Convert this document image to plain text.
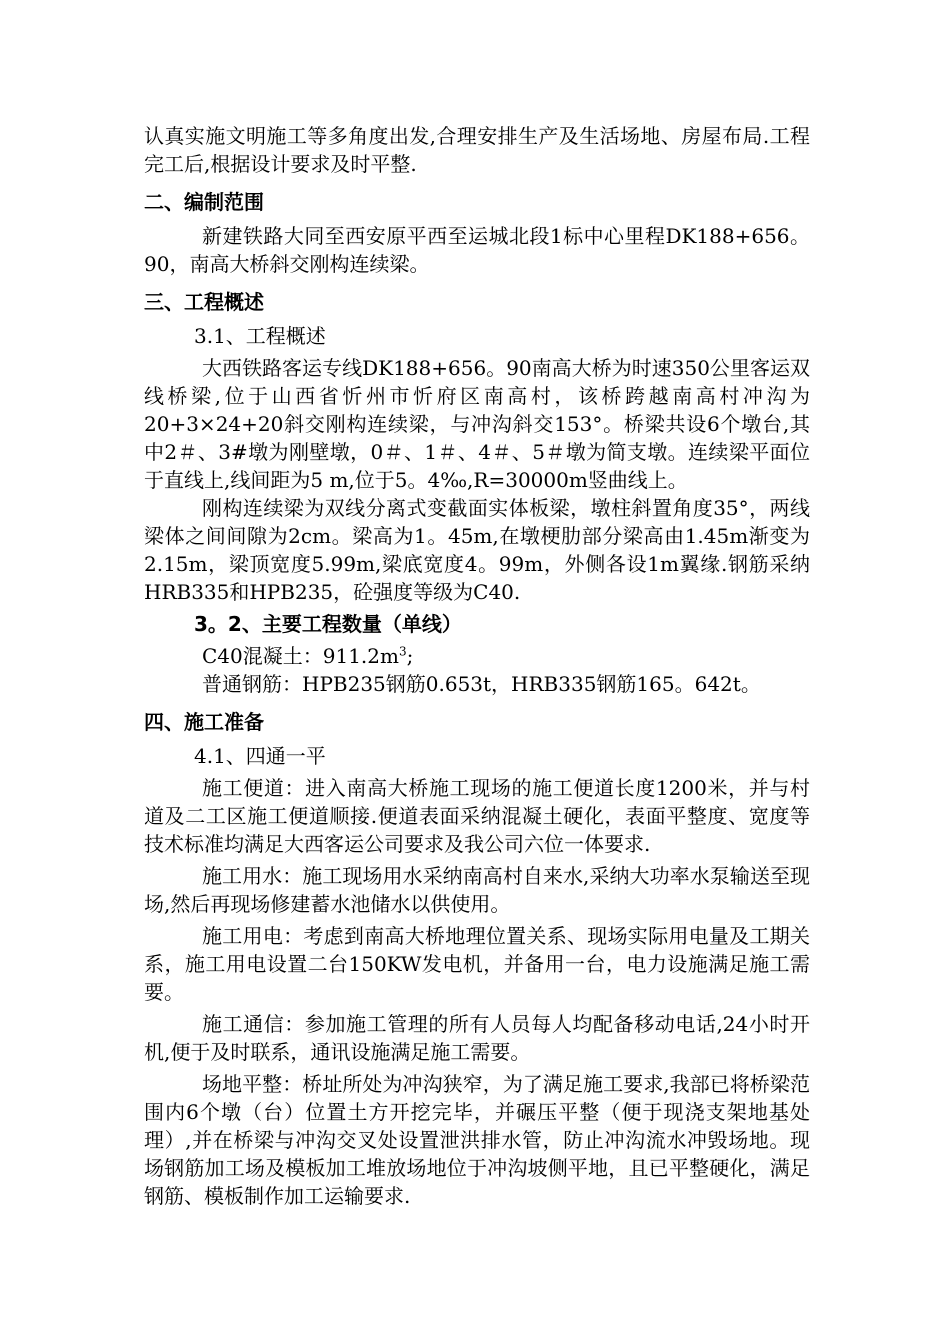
认真实施文明施工等多角度出发,合理安排生产及生活场地、房屋布局.工程完工后,根据设计要求及时平整.

二、编制范围

新建铁路大同至西安原平西至运城北段1标中心里程DK188+656。90，南高大桥斜交刚构连续梁。

三、工程概述
3.1、工程概述

大西铁路客运专线DK188+656。90南高大桥为时速350公里客运双线桥梁,位于山西省忻州市忻府区南高村，该桥跨越南高村冲沟为20+3×24+20斜交刚构连续梁，与冲沟斜交153°。桥梁共设6个墩台,其中2＃、3#墩为刚壁墩，0＃、1＃、4＃、5＃墩为简支墩。连续梁平面位于直线上,线间距为5 m,位于5。4‰,R=30000m竖曲线上。

刚构连续梁为双线分离式变截面实体板梁，墩柱斜置角度35°，两线梁体之间间隙为2cm。梁高为1。45m,在墩梗肋部分梁高由1.45m渐变为2.15m，梁顶宽度5.99m,梁底宽度4。99m，外侧各设1m翼缘.钢筋采纳HRB335和HPB235，砼强度等级为C40.

3。2、主要工程数量（单线）
C40混凝土：$911.2m^3$;
普通钢筋：HPB235钢筋0.653t，HRB335钢筋165。642t。
四、施工准备
4.1、四通一平

施工便道：进入南高大桥施工现场的施工便道长度1200米，并与村道及二工区施工便道顺接.便道表面采纳混凝土硬化，表面平整度、宽度等技术标准均满足大西客运公司要求及我公司六位一体要求.

施工用水：施工现场用水采纳南高村自来水,采纳大功率水泵输送至现场,然后再现场修建蓄水池储水以供使用。

施工用电：考虑到南高大桥地理位置关系、现场实际用电量及工期关系，施工用电设置二台150KW发电机，并备用一台，电力设施满足施工需要。

施工通信：参加施工管理的所有人员每人均配备移动电话,24小时开机,便于及时联系，通讯设施满足施工需要。

场地平整：桥址所处为冲沟狭窄，为了满足施工要求,我部已将桥梁范围内6个墩（台）位置土方开挖完毕，并碾压平整（便于现浇支架地基处理）,并在桥梁与冲沟交叉处设置泄洪排水管，防止冲沟流水冲毁场地。现场钢筋加工场及模板加工堆放场地位于冲沟坡侧平地，且已平整硬化，满足钢筋、模板制作加工运输要求.
